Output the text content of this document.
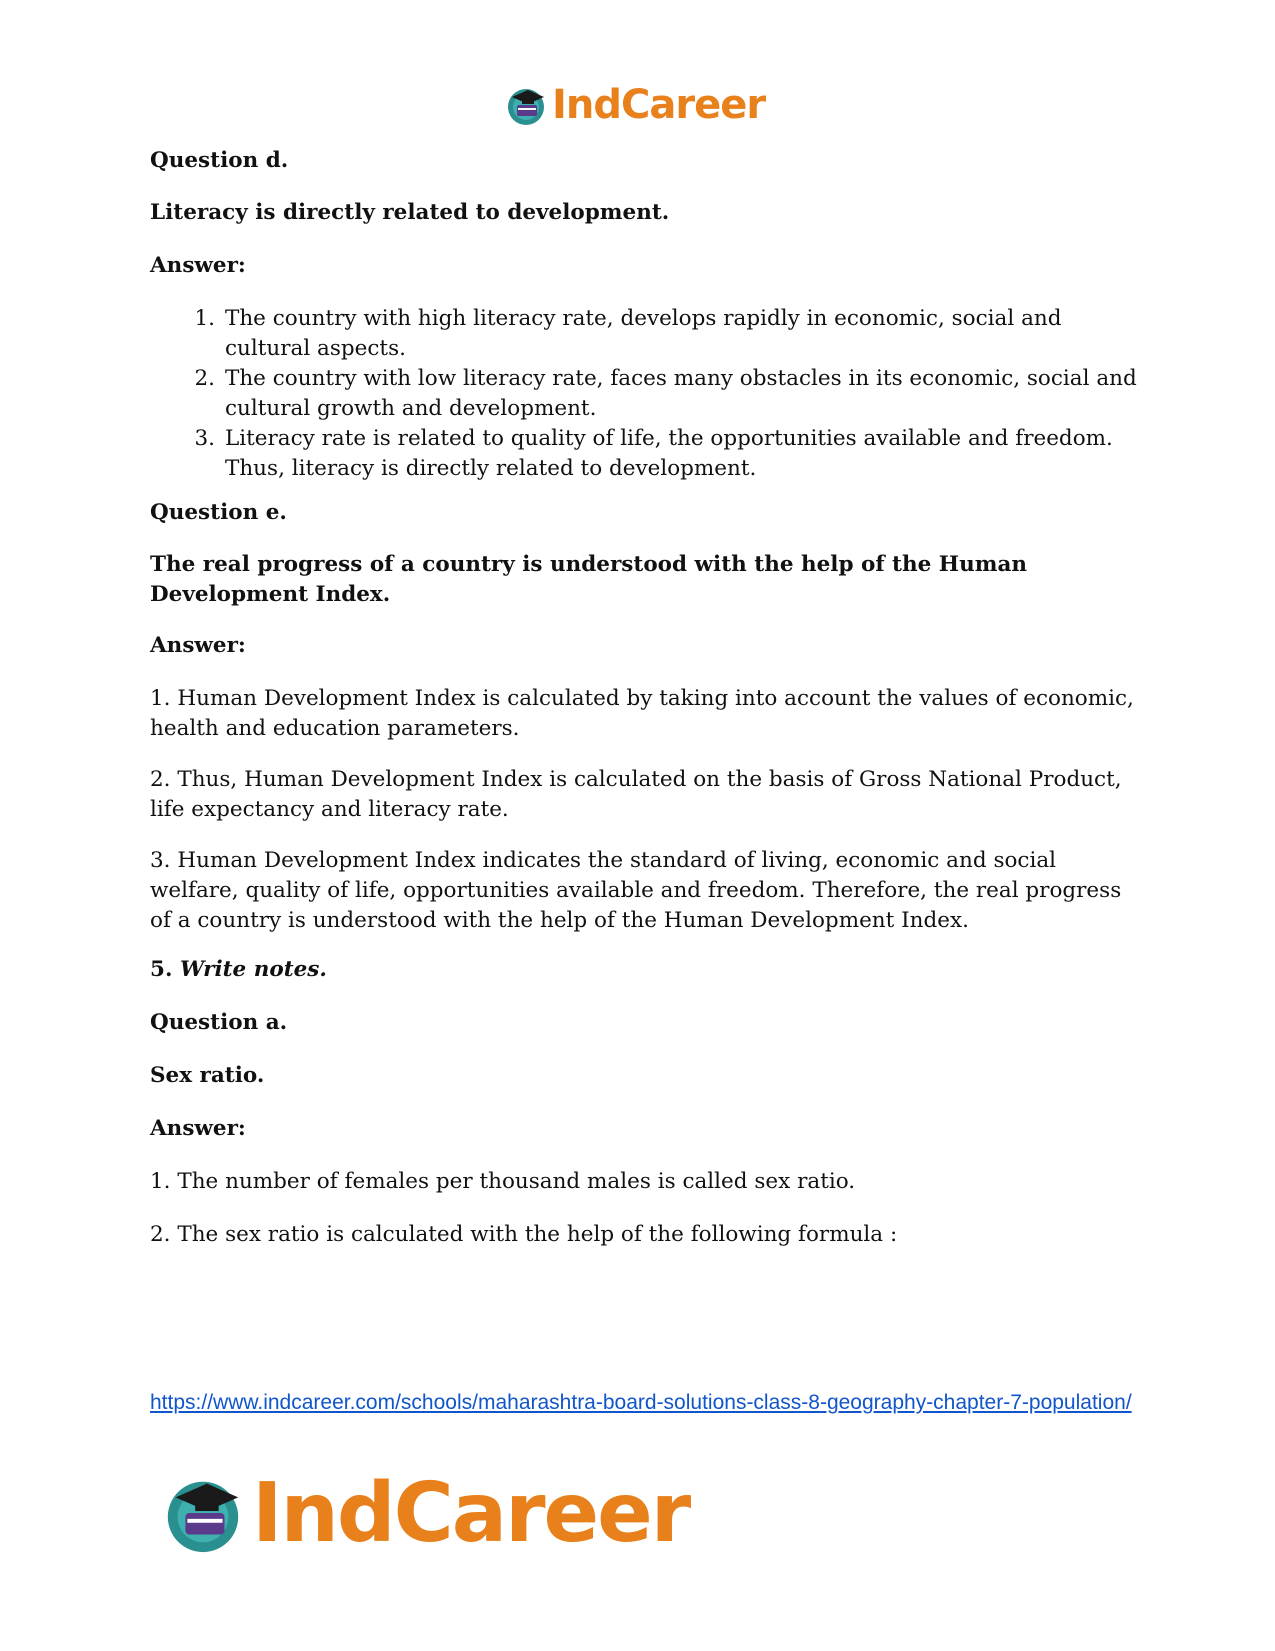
IndCareer
Question d.
Literacy is directly related to development.
Answer:
1. The country with high literacy rate, develops rapidly in economic, social and cultural aspects.
2. The country with low literacy rate, faces many obstacles in its economic, social and cultural growth and development.
3. Literacy rate is related to quality of life, the opportunities available and freedom. Thus, literacy is directly related to development.
Question e.
The real progress of a country is understood with the help of the Human Development Index.
Answer:
1. Human Development Index is calculated by taking into account the values of economic, health and education parameters.
2. Thus, Human Development Index is calculated on the basis of Gross National Product, life expectancy and literacy rate.
3. Human Development Index indicates the standard of living, economic and social welfare, quality of life, opportunities available and freedom. Therefore, the real progress of a country is understood with the help of the Human Development Index.
5. Write notes.
Question a.
Sex ratio.
Answer:
1. The number of females per thousand males is called sex ratio.
2. The sex ratio is calculated with the help of the following formula :
https://www.indcareer.com/schools/maharashtra-board-solutions-class-8-geography-chapter-7-population/
IndCareer
